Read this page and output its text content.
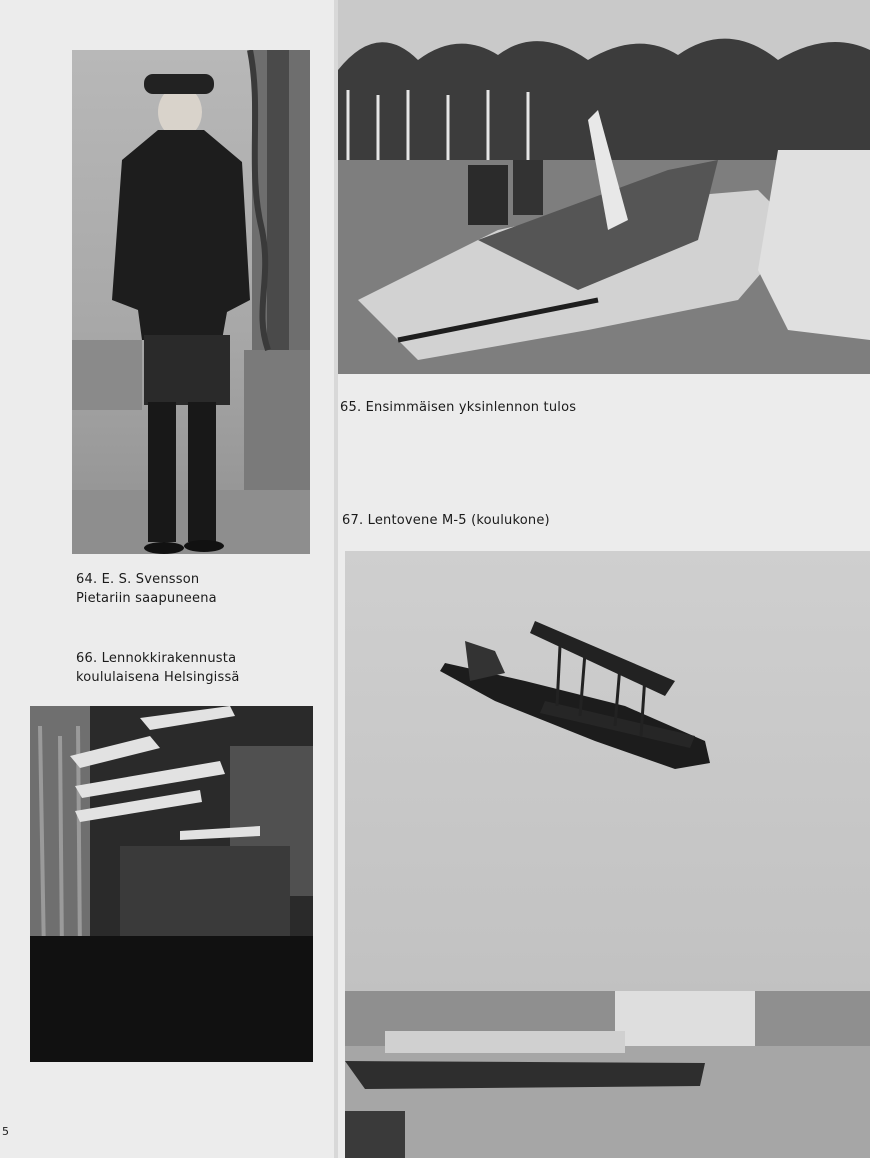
65. Ensimmäisen yksinlennon tulos
67. Lentovene M-5 (koulukone)
64. E. S. Svensson
Pietariin saapuneena
66. Lennokkirakennusta
koululaisena Helsingissä
5
